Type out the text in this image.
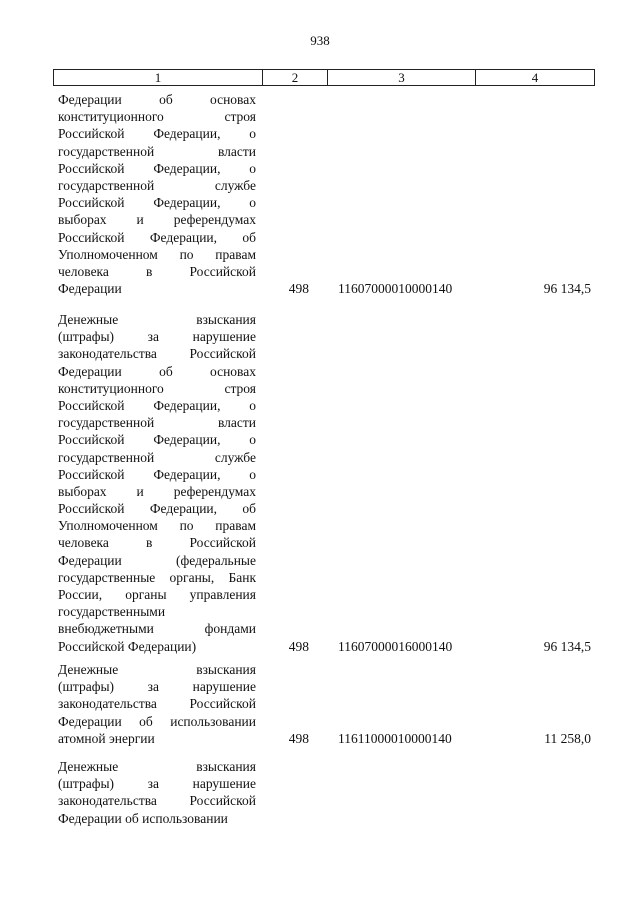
938
1	2	3	4
Федерации об основах
конституционного строя
Российской Федерации, о
государственной власти
Российской Федерации, о
государственной службе
Российской Федерации, о
выборах и референдумах
Российской Федерации, об
Уполномоченном по правам
человека в Российской
Федерации	498 11607000010000140	96 134,5
Денежные взыскания
(штрафы) за нарушение
законодательства Российской
Федерации об основах
конституционного строя
Российской Федерации, о
государственной власти
Российской Федерации, о
государственной службе
Российской Федерации, о
выборах и референдумах
Российской Федерации, об
Уполномоченном по правам
человека в Российской
Федерации (федеральные
государственные органы, Банк
России, органы управления
государственными
внебюджетными фондами
Российской Федерации)	498 11607000016000140	96 134,5
Денежные взыскания
(штрафы) за нарушение
законодательства Российской
Федерации об использовании
атомной энергии	498 11611000010000140	11 258,0
Денежные взыскания
(штрафы) за нарушение
законодательства Российской
Федерации об использовании
